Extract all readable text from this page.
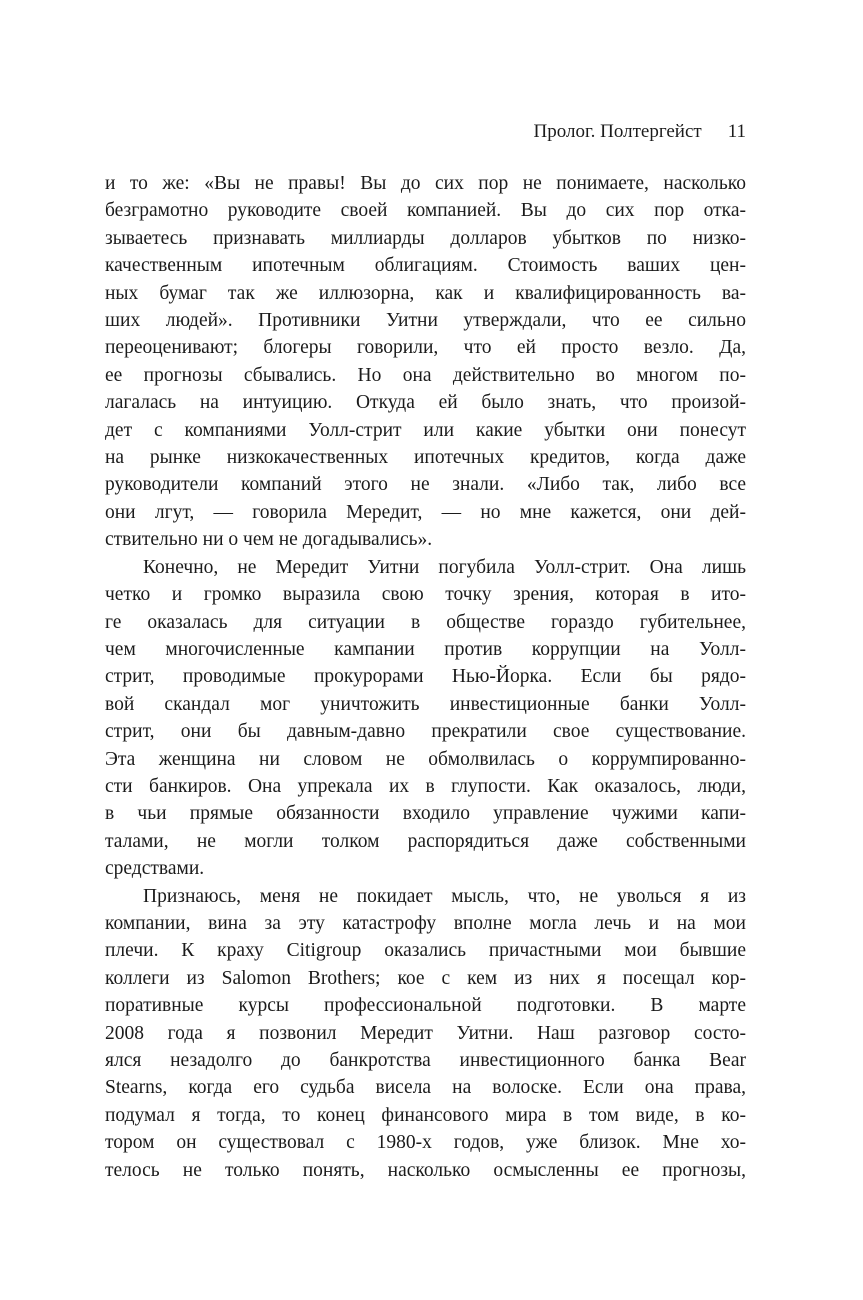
Пролог. Полтергейст 11
и то же: «Вы не правы! Вы до сих пор не понимаете, насколько
безграмотно руководите своей компанией. Вы до сих пор отка-
зываетесь признавать миллиарды долларов убытков по низко-
качественным ипотечным облигациям. Стоимость ваших цен-
ных бумаг так же иллюзорна, как и квалифицированность ва-
ших людей». Противники Уитни утверждали, что ее сильно
переоценивают; блогеры говорили, что ей просто везло. Да,
ее прогнозы сбывались. Но она действительно во многом по-
лагалась на интуицию. Откуда ей было знать, что произой-
дет с компаниями Уолл-стрит или какие убытки они понесут
на рынке низкокачественных ипотечных кредитов, когда даже
руководители компаний этого не знали. «Либо так, либо все
они лгут, — говорила Мередит, — но мне кажется, они дей-
ствительно ни о чем не догадывались».
Конечно, не Мередит Уитни погубила Уолл-стрит. Она лишь
четко и громко выразила свою точку зрения, которая в ито-
ге оказалась для ситуации в обществе гораздо губительнее,
чем многочисленные кампании против коррупции на Уолл-
стрит, проводимые прокурорами Нью-Йорка. Если бы рядо-
вой скандал мог уничтожить инвестиционные банки Уолл-
стрит, они бы давным-давно прекратили свое существование.
Эта женщина ни словом не обмолвилась о коррумпированно-
сти банкиров. Она упрекала их в глупости. Как оказалось, люди,
в чьи прямые обязанности входило управление чужими капи-
талами, не могли толком распорядиться даже собственными
средствами.
Признаюсь, меня не покидает мысль, что, не уволься я из
компании, вина за эту катастрофу вполне могла лечь и на мои
плечи. К краху Citigroup оказались причастными мои бывшие
коллеги из Salomon Brothers; кое с кем из них я посещал кор-
поративные курсы профессиональной подготовки. В марте
2008 года я позвонил Мередит Уитни. Наш разговор состо-
ялся незадолго до банкротства инвестиционного банка Bear
Stearns, когда его судьба висела на волоске. Если она права,
подумал я тогда, то конец финансового мира в том виде, в ко-
тором он существовал с 1980-х годов, уже близок. Мне хо-
телось не только понять, насколько осмысленны ее прогнозы,
